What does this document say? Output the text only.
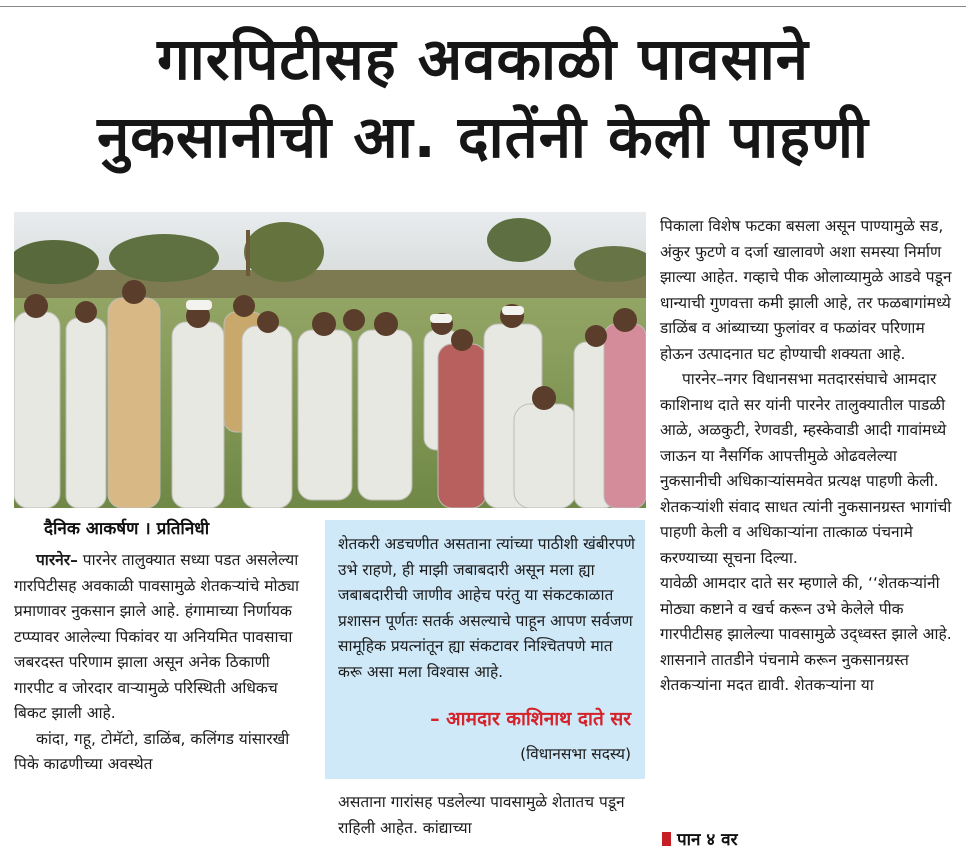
गारपिटीसह अवकाळी पावसाने
नुकसानीची आ. दातेंनी केली पाहणी
दैनिक आकर्षण । प्रतिनिधी

पारनेर– पारनेर तालुक्यात सध्या पडत असलेल्या गारपिटीसह अवकाळी पावसामुळे शेतकऱ्यांचे मोठ्या प्रमाणावर नुकसान झाले आहे. हंगामाच्या निर्णायक टप्प्यावर आलेल्या पिकांवर या अनियमित पावसाचा जबरदस्त परिणाम झाला असून अनेक ठिकाणी गारपीट व जोरदार वाऱ्यामुळे परिस्थिती अधिकच बिकट झाली आहे.

कांदा, गहू, टोमॅटो, डाळिंब, कलिंगड यांसारखी पिके काढणीच्या अवस्थेत

शेतकरी अडचणीत असताना त्यांच्या पाठीशी खंबीरपणे उभे राहणे, ही माझी जबाबदारी असून मला ह्या जबाबदारीची जाणीव आहेच परंतु या संकटकाळात प्रशासन पूर्णतः सतर्क असल्याचे पाहून आपण सर्वजण सामूहिक प्रयत्नांतून ह्या संकटावर निश्चितपणे मात करू असा मला विश्वास आहे.
– आमदार काशिनाथ दाते सर
(विधानसभा सदस्य)

असताना गारांसह पडलेल्या पावसामुळे शेतातच पडून राहिली आहेत. कांद्याच्या

पिकाला विशेष फटका बसला असून पाण्यामुळे सड, अंकुर फुटणे व दर्जा खालावणे अशा समस्या निर्माण झाल्या आहेत. गव्हाचे पीक ओलाव्यामुळे आडवे पडून धान्याची गुणवत्ता कमी झाली आहे, तर फळबागांमध्ये डाळिंब व आंब्याच्या फुलांवर व फळांवर परिणाम होऊन उत्पादनात घट होण्याची शक्यता आहे.

पारनेर–नगर विधानसभा मतदारसंघाचे आमदार काशिनाथ दाते सर यांनी पारनेर तालुक्यातील पाडळी आळे, अळकुटी, रेणवडी, म्हस्केवाडी आदी गावांमध्ये जाऊन या नैसर्गिक आपत्तीमुळे ओढवलेल्या नुकसानीची अधिकाऱ्यांसमवेत प्रत्यक्ष पाहणी केली. शेतकऱ्यांशी संवाद साधत त्यांनी नुकसानग्रस्त भागांची पाहणी केली व अधिकाऱ्यांना तात्काळ पंचनामे करण्याच्या सूचना दिल्या.

यावेळी आमदार दाते सर म्हणाले की, ‘‘शेतकऱ्यांनी मोठ्या कष्टाने व खर्च करून उभे केलेले पीक गारपीटीसह झालेल्या पावसामुळे उद्ध्वस्त झाले आहे. शासनाने तातडीने पंचनामे करून नुकसानग्रस्त शेतकऱ्यांना मदत द्यावी. शेतकऱ्यांना या

पान ४ वर
